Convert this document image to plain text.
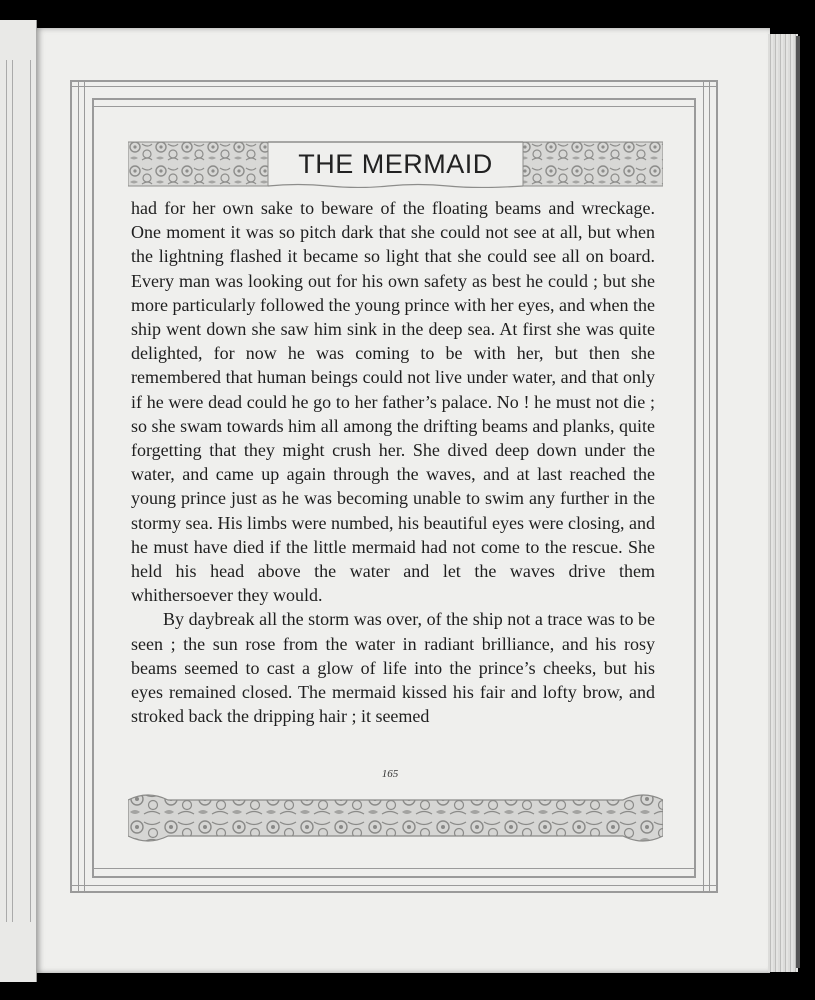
THE MERMAID

had for her own sake to beware of the floating beams and wreckage. One moment it was so pitch dark that she could not see at all, but when the lightning flashed it became so light that she could see all on board. Every man was looking out for his own safety as best he could ; but she more particularly followed the young prince with her eyes, and when the ship went down she saw him sink in the deep sea. At first she was quite delighted, for now he was coming to be with her, but then she remembered that human beings could not live under water, and that only if he were dead could he go to her father’s palace. No ! he must not die ; so she swam towards him all among the drifting beams and planks, quite forgetting that they might crush her. She dived deep down under the water, and came up again through the waves, and at last reached the young prince just as he was becoming unable to swim any further in the stormy sea. His limbs were numbed, his beautiful eyes were closing, and he must have died if the little mermaid had not come to the rescue. She held his head above the water and let the waves drive them whithersoever they would.

By daybreak all the storm was over, of the ship not a trace was to be seen ; the sun rose from the water in radiant brilliance, and his rosy beams seemed to cast a glow of life into the prince’s cheeks, but his eyes remained closed. The mermaid kissed his fair and lofty brow, and stroked back the dripping hair ; it seemed

165
